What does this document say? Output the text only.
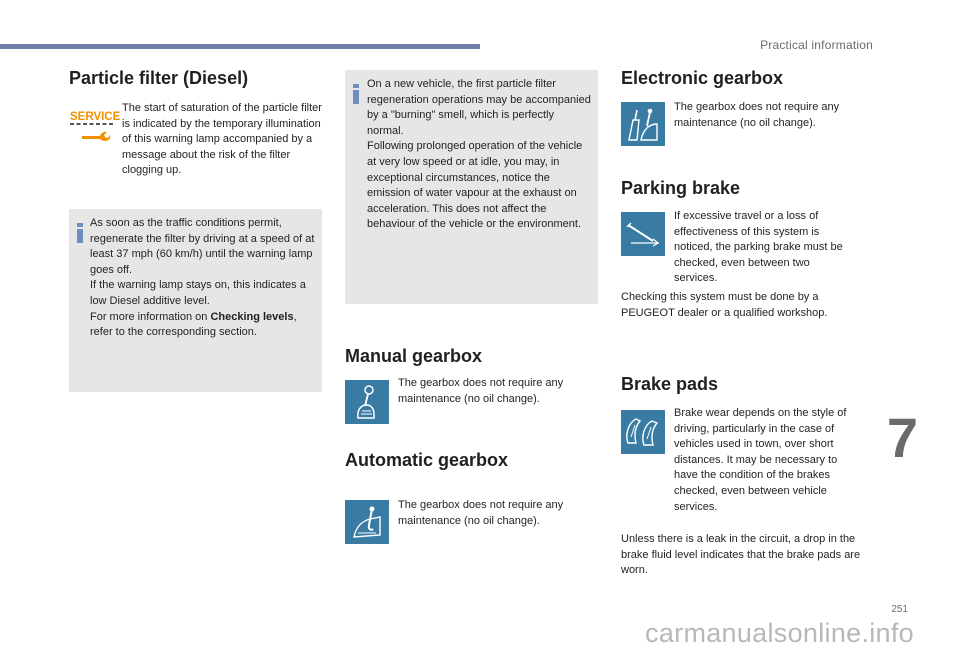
Practical information
Particle filter (Diesel)
SERVICE
The start of saturation of the particle filter is indicated by the temporary illumination of this warning lamp accompanied by a message about the risk of the filter clogging up.
As soon as the traffic conditions permit, regenerate the filter by driving at a speed of at least 37 mph (60 km/h) until the warning lamp goes off.
If the warning lamp stays on, this indicates a low Diesel additive level.
For more information on Checking levels, refer to the corresponding section.
On a new vehicle, the first particle filter regeneration operations may be accompanied by a "burning" smell, which is perfectly normal.
Following prolonged operation of the vehicle at very low speed or at idle, you may, in exceptional circumstances, notice the emission of water vapour at the exhaust on acceleration. This does not affect the behaviour of the vehicle or the environment.
Manual gearbox
The gearbox does not require any maintenance (no oil change).
Automatic gearbox
The gearbox does not require any maintenance (no oil change).
Electronic gearbox
The gearbox does not require any maintenance (no oil change).
Parking brake
If excessive travel or a loss of effectiveness of this system is noticed, the parking brake must be checked, even between two services.
Checking this system must be done by a PEUGEOT dealer or a qualified workshop.
Brake pads
Brake wear depends on the style of driving, particularly in the case of vehicles used in town, over short distances. It may be necessary to have the condition of the brakes checked, even between vehicle services.
Unless there is a leak in the circuit, a drop in the brake fluid level indicates that the brake pads are worn.
7
251
carmanualsonline.info
